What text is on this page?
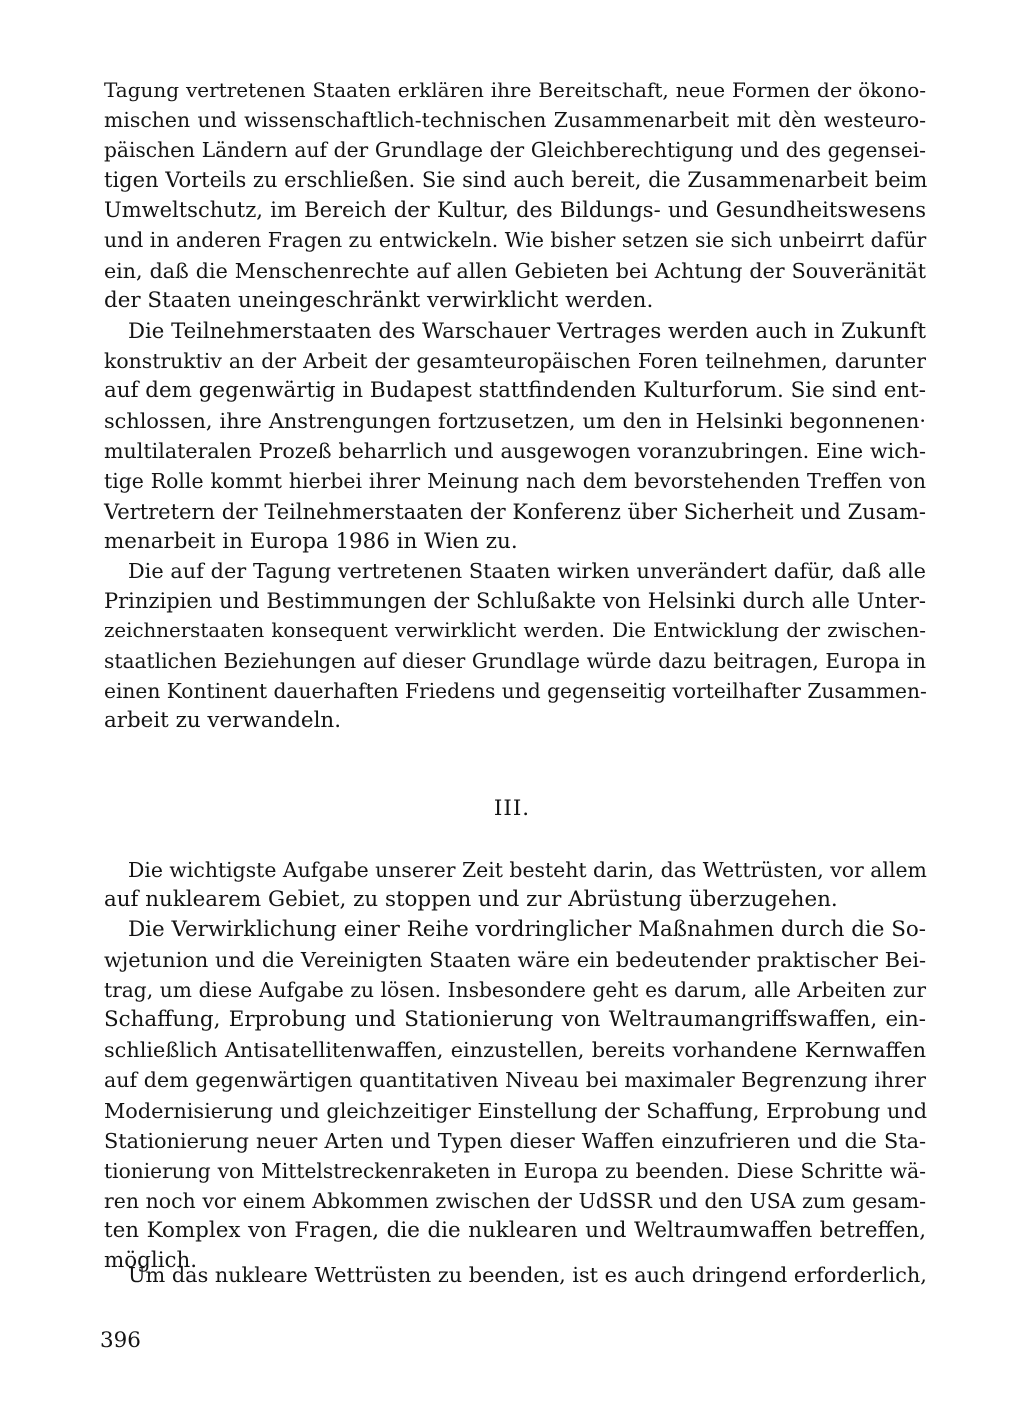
Tagung vertretenen Staaten erklären ihre Bereitschaft, neue Formen der ökono-
mischen und wissenschaftlich-technischen Zusammenarbeit mit dèn westeuro-
päischen Ländern auf der Grundlage der Gleichberechtigung und des gegensei-
tigen Vorteils zu erschließen. Sie sind auch bereit, die Zusammenarbeit beim
Umweltschutz, im Bereich der Kultur, des Bildungs- und Gesundheitswesens
und in anderen Fragen zu entwickeln. Wie bisher setzen sie sich unbeirrt dafür
ein, daß die Menschenrechte auf allen Gebieten bei Achtung der Souveränität
der Staaten uneingeschränkt verwirklicht werden.
Die Teilnehmerstaaten des Warschauer Vertrages werden auch in Zukunft
konstruktiv an der Arbeit der gesamteuropäischen Foren teilnehmen, darunter
auf dem gegenwärtig in Budapest stattfindenden Kulturforum. Sie sind ent-
schlossen, ihre Anstrengungen fortzusetzen, um den in Helsinki begonnenen·
multilateralen Prozeß beharrlich und ausgewogen voranzubringen. Eine wich-
tige Rolle kommt hierbei ihrer Meinung nach dem bevorstehenden Treffen von
Vertretern der Teilnehmerstaaten der Konferenz über Sicherheit und Zusam-
menarbeit in Europa 1986 in Wien zu.
Die auf der Tagung vertretenen Staaten wirken unverändert dafür, daß alle
Prinzipien und Bestimmungen der Schlußakte von Helsinki durch alle Unter-
zeichnerstaaten konsequent verwirklicht werden. Die Entwicklung der zwischen-
staatlichen Beziehungen auf dieser Grundlage würde dazu beitragen, Europa in
einen Kontinent dauerhaften Friedens und gegenseitig vorteilhafter Zusammen-
arbeit zu verwandeln.
III.
Die wichtigste Aufgabe unserer Zeit besteht darin, das Wettrüsten, vor allem
auf nuklearem Gebiet, zu stoppen und zur Abrüstung überzugehen.
Die Verwirklichung einer Reihe vordringlicher Maßnahmen durch die So-
wjetunion und die Vereinigten Staaten wäre ein bedeutender praktischer Bei-
trag, um diese Aufgabe zu lösen. Insbesondere geht es darum, alle Arbeiten zur
Schaffung, Erprobung und Stationierung von Weltraumangriffswaffen, ein-
schließlich Antisatellitenwaffen, einzustellen, bereits vorhandene Kernwaffen
auf dem gegenwärtigen quantitativen Niveau bei maximaler Begrenzung ihrer
Modernisierung und gleichzeitiger Einstellung der Schaffung, Erprobung und
Stationierung neuer Arten und Typen dieser Waffen einzufrieren und die Sta-
tionierung von Mittelstreckenraketen in Europa zu beenden. Diese Schritte wä-
ren noch vor einem Abkommen zwischen der UdSSR und den USA zum gesam-
ten Komplex von Fragen, die die nuklearen und Weltraumwaffen betreffen,
möglich.
Um das nukleare Wettrüsten zu beenden, ist es auch dringend erforderlich,
396
